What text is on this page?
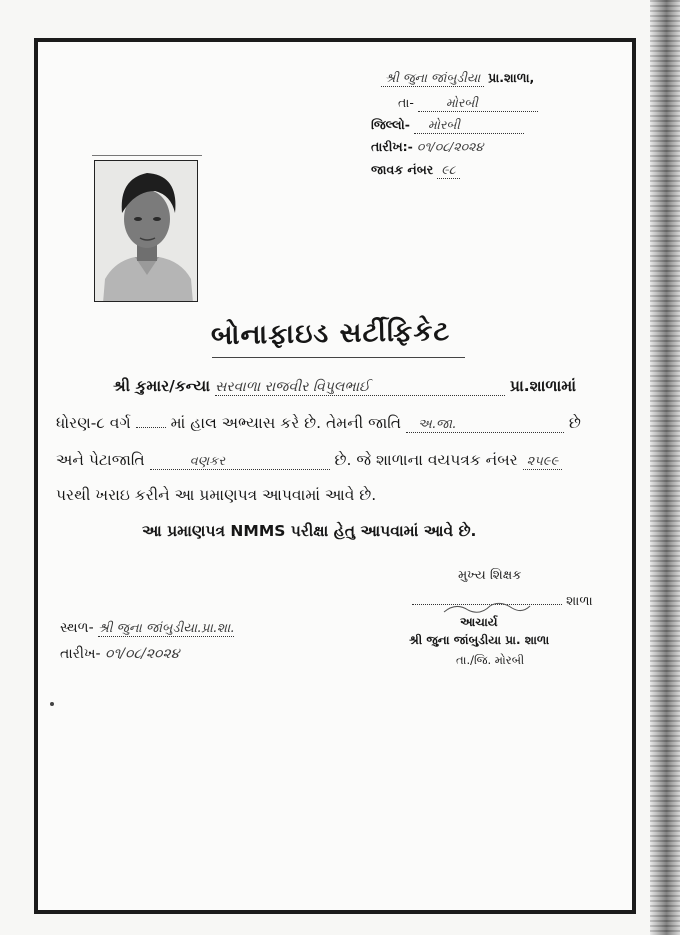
શ્રી જુના જાંબુડીયા પ્રા.શાળા,
તા-	મોરબી
જિલ્લો- મોરબી
તારીખ:- ૦૧/૦૮/૨૦૨૪
જાવક નંબર ૯૮
બોનાફાઇડ સર્ટીફિકેટ
શ્રી કુમાર/કન્યા સરવાળા રાજવીર વિપુલભાઈ	પ્રા.શાળામાં
ધોરણ-૮ વર્ગ	માં હાલ અભ્યાસ કરે છે. તેમની જાતિ અ.જા.	છે
અને પેટાજાતિ	વણકર	છે. જે શાળાના વયપત્રક નંબર ૨૫૯૯
પરથી ખરાઇ કરીને આ પ્રમાણપત્ર આપવામાં આવે છે.
આ પ્રમાણપત્ર NMMS પરીક્ષા હેતુ આપવામાં આવે છે.
મુખ્ય શિક્ષક
શાળા
આચાર્ય
શ્રી જુના જાંબુડીયા પ્રા. શાળા
તા./જિ. મોરબી
સ્થળ- શ્રી જુના જાંબુડીયા.પ્રા.શા.
તારીખ- ૦૧/૦૮/૨૦૨૪
